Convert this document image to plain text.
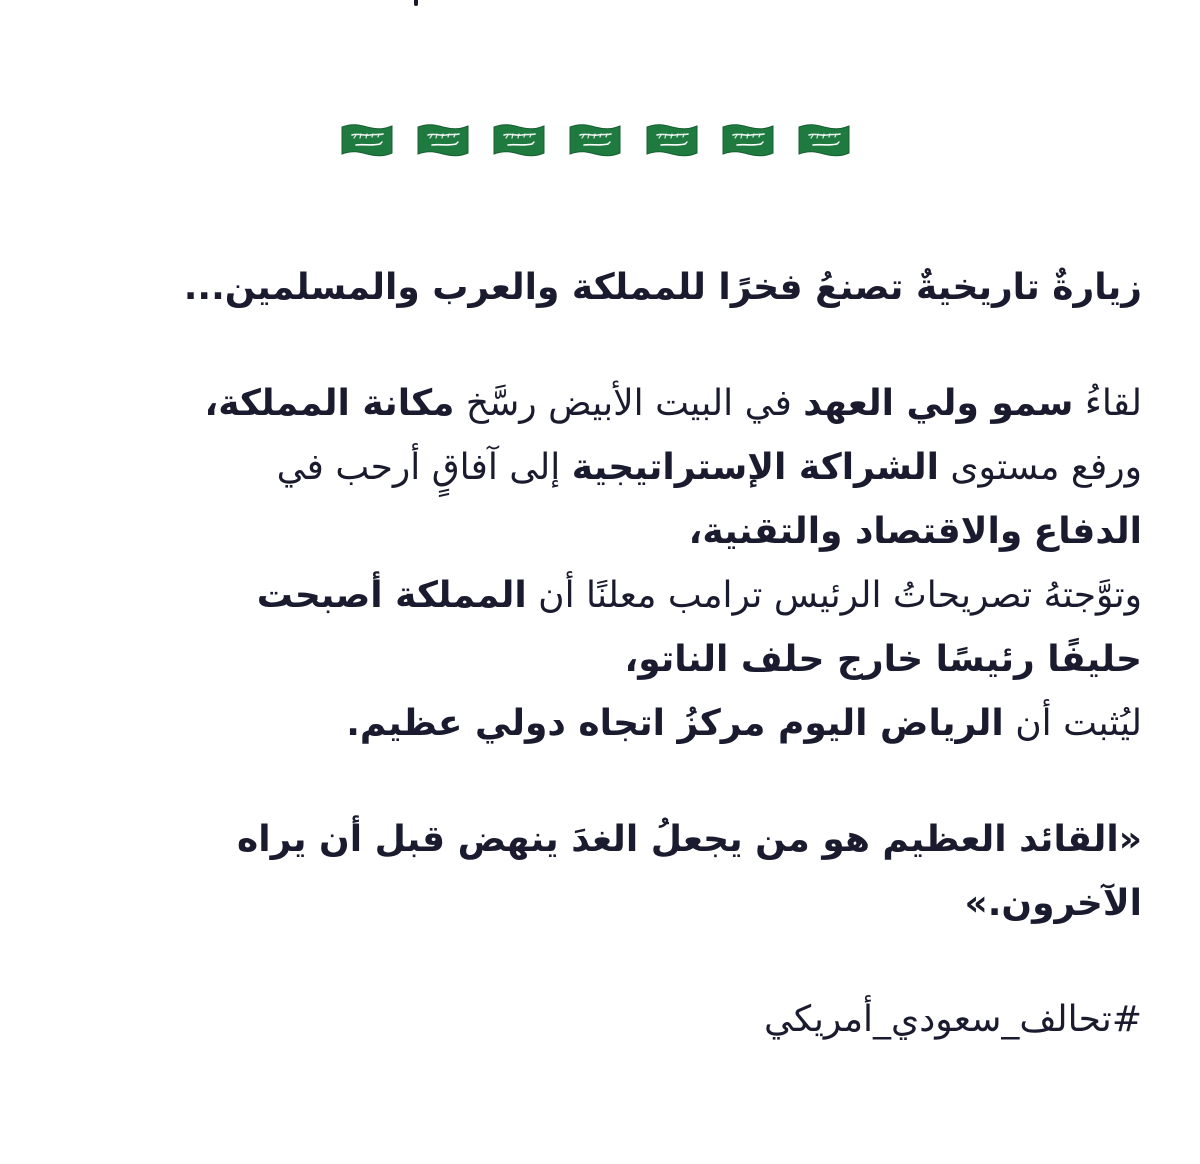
زيارةٌ تاريخيةٌ تصنعُ فخرًا للمملكة والعرب والمسلمين...
لقاءُ سمو ولي العهد في البيت الأبيض رسَّخ مكانة المملكة،
ورفع مستوى الشراكة الإستراتيجية إلى آفاقٍ أرحب في
الدفاع والاقتصاد والتقنية،
وتوَّجتهُ تصريحاتُ الرئيس ترامب معلنًا أن المملكة أصبحت
حليفًا رئيسًا خارج حلف الناتو،
ليُثبت أن الرياض اليوم مركزُ اتجاه دولي عظيم.
«القائد العظيم هو من يجعلُ الغدَ ينهض قبل أن يراه
الآخرون.»
#تحالف_سعودي_أمريكي
